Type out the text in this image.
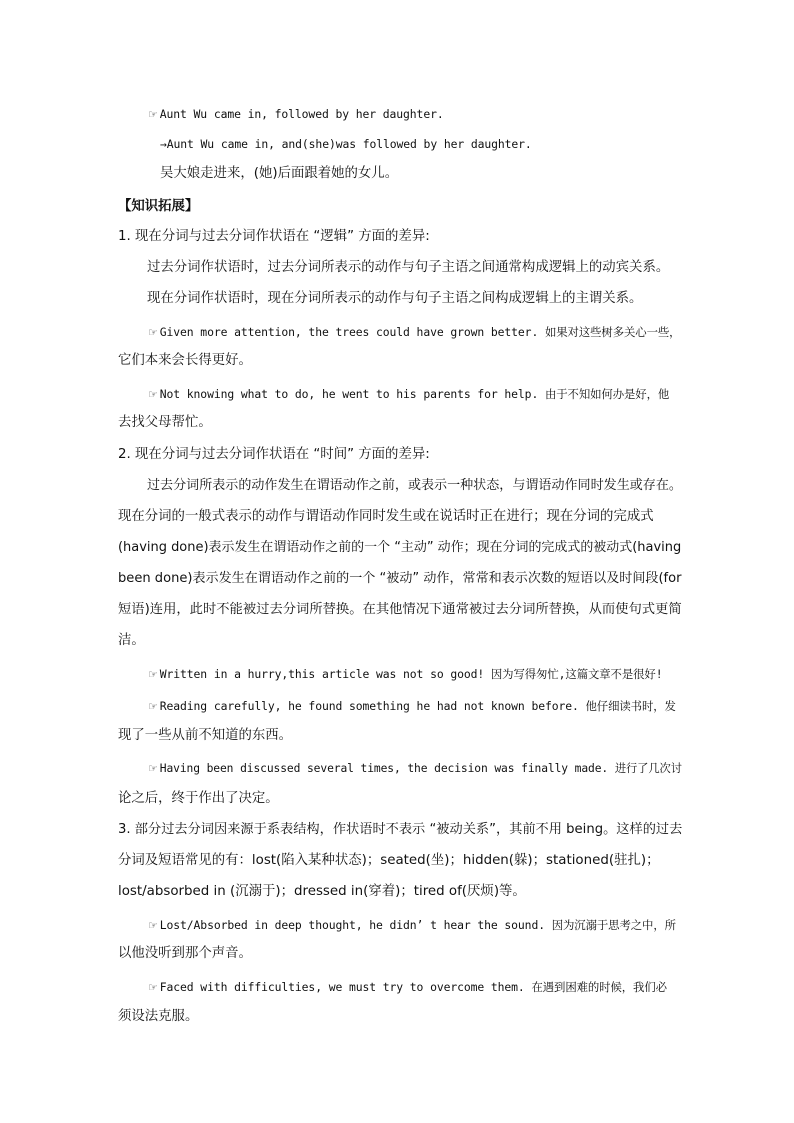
☞ Aunt Wu came in, followed by her daughter.
→Aunt Wu came in, and(she)was followed by her daughter.
吴大娘走进来，(她)后面跟着她的女儿。
【知识拓展】
1. 现在分词与过去分词作状语在 “逻辑” 方面的差异:
过去分词作状语时，过去分词所表示的动作与句子主语之间通常构成逻辑上的动宾关系。
现在分词作状语时，现在分词所表示的动作与句子主语之间构成逻辑上的主谓关系。
☞ Given more attention, the trees could have grown better. 如果对这些树多关心一些，
它们本来会长得更好。
☞ Not knowing what to do, he went to his parents for help. 由于不知如何办是好，他
去找父母帮忙。
2. 现在分词与过去分词作状语在 “时间” 方面的差异:
过去分词所表示的动作发生在谓语动作之前，或表示一种状态，与谓语动作同时发生或存在。
现在分词的一般式表示的动作与谓语动作同时发生或在说话时正在进行；现在分词的完成式
(having done)表示发生在谓语动作之前的一个 “主动” 动作；现在分词的完成式的被动式(having
been done)表示发生在谓语动作之前的一个 “被动” 动作，常常和表示次数的短语以及时间段(for
短语)连用，此时不能被过去分词所替换。在其他情况下通常被过去分词所替换，从而使句式更简
洁。
☞ Written in a hurry,this article was not so good! 因为写得匆忙,这篇文章不是很好!
☞ Reading carefully, he found something he had not known before. 他仔细读书时，发
现了一些从前不知道的东西。
☞ Having been discussed several times, the decision was finally made. 进行了几次讨
论之后，终于作出了决定。
3. 部分过去分词因来源于系表结构，作状语时不表示 “被动关系”，其前不用 being。这样的过去
分词及短语常见的有：lost(陷入某种状态)；seated(坐)；hidden(躲)；stationed(驻扎)；
lost/absorbed in (沉溺于)；dressed in(穿着)；tired of(厌烦)等。
☞ Lost/Absorbed in deep thought, he didn’ t hear the sound. 因为沉溺于思考之中，所
以他没听到那个声音。
☞ Faced with difficulties, we must try to overcome them. 在遇到困难的时候，我们必
须设法克服。
